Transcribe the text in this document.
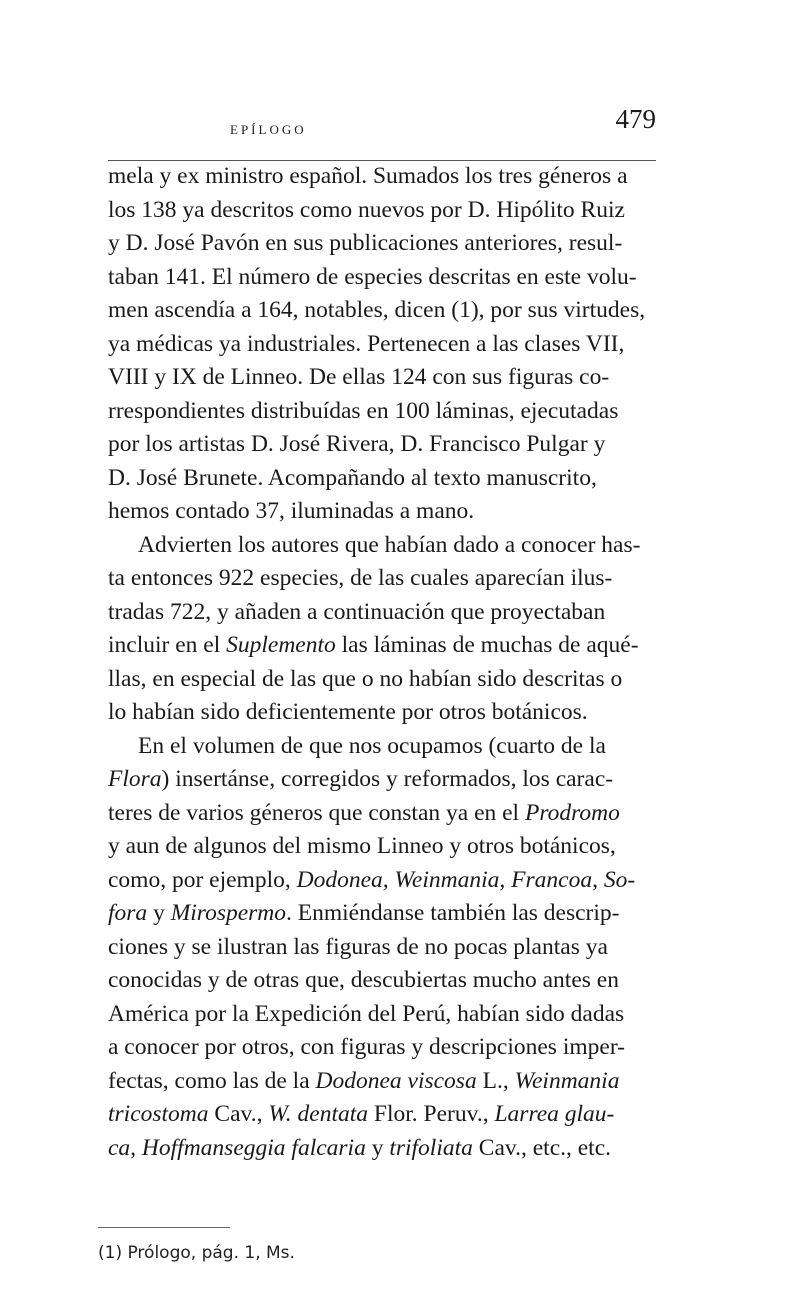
EPÍLOGO	479
mela y ex ministro español. Sumados los tres géneros a
los 138 ya descritos como nuevos por D. Hipólito Ruiz
y D. José Pavón en sus publicaciones anteriores, resul-
taban 141. El número de especies descritas en este volu-
men ascendía a 164, notables, dicen (1), por sus virtudes,
ya médicas ya industriales. Pertenecen a las clases VII,
VIII y IX de Linneo. De ellas 124 con sus figuras co-
rrespondientes distribuídas en 100 láminas, ejecutadas
por los artistas D. José Rivera, D. Francisco Pulgar y
D. José Brunete. Acompañando al texto manuscrito,
hemos contado 37, iluminadas a mano.
Advierten los autores que habían dado a conocer has-
ta entonces 922 especies, de las cuales aparecían ilus-
tradas 722, y añaden a continuación que proyectaban
incluir en el Suplemento las láminas de muchas de aqué-
llas, en especial de las que o no habían sido descritas o
lo habían sido deficientemente por otros botánicos.
En el volumen de que nos ocupamos (cuarto de la
Flora) insertánse, corregidos y reformados, los carac-
teres de varios géneros que constan ya en el Prodromo
y aun de algunos del mismo Linneo y otros botánicos,
como, por ejemplo, Dodonea, Weinmania, Francoa, So-
fora y Mirospermo. Enmiéndanse también las descrip-
ciones y se ilustran las figuras de no pocas plantas ya
conocidas y de otras que, descubiertas mucho antes en
América por la Expedición del Perú, habían sido dadas
a conocer por otros, con figuras y descripciones imper-
fectas, como las de la Dodonea viscosa L., Weinmania
tricostoma Cav., W. dentata Flor. Peruv., Larrea glau-
ca, Hoffmanseggia falcaria y trifoliata Cav., etc., etc.
(1) Prólogo, pág. 1, Ms.
